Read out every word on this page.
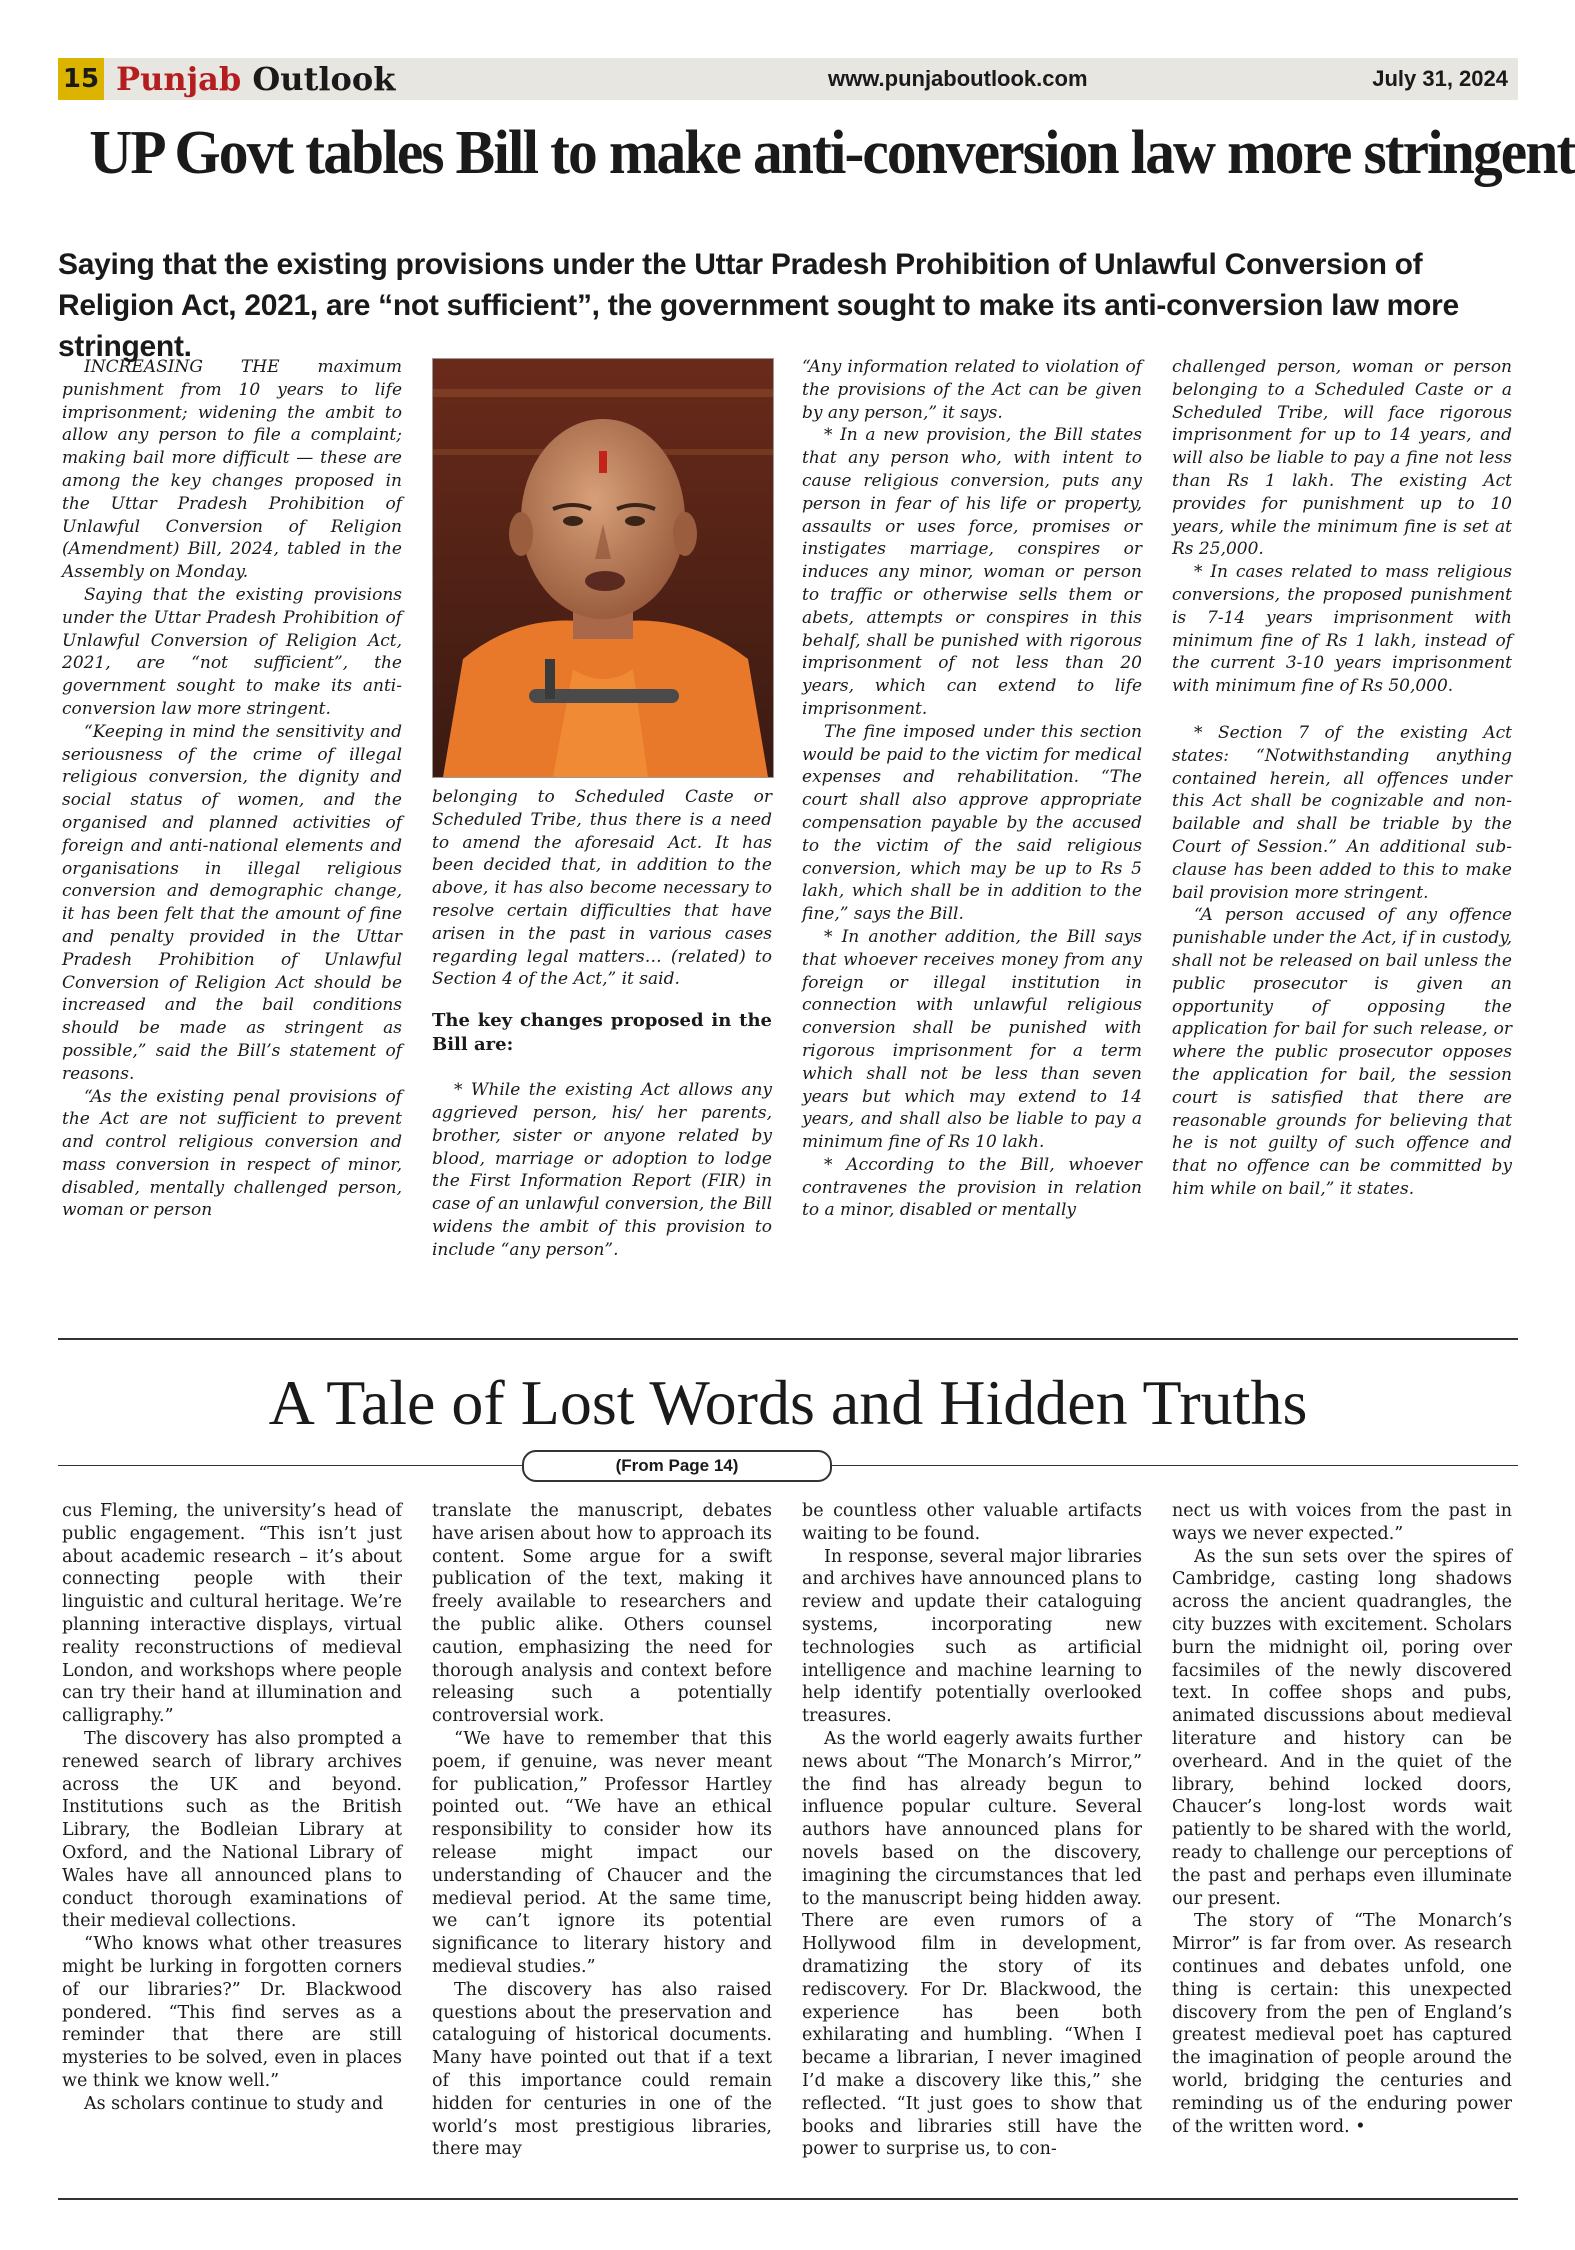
15 Punjab Outlook	www.punjaboutlook.com	July 31, 2024
UP Govt tables Bill to make anti-conversion law more stringent
Saying that the existing provisions under the Uttar Pradesh Prohibition of Unlawful Conversion of Religion Act, 2021, are “not sufficient”, the government sought to make its anti-conversion law more stringent.

INCREASING THE maximum punishment from 10 years to life imprisonment; widening the ambit to allow any person to file a complaint; making bail more difficult — these are among the key changes proposed in the Uttar Pradesh Prohibition of Unlawful Conversion of Religion (Amendment) Bill, 2024, tabled in the Assembly on Monday.

Saying that the existing provisions under the Uttar Pradesh Prohibition of Unlawful Conversion of Religion Act, 2021, are “not sufficient”, the government sought to make its anti-conversion law more stringent.

“Keeping in mind the sensitivity and seriousness of the crime of illegal religious conversion, the dignity and social status of women, and the organised and planned activities of foreign and anti-national elements and organisations in illegal religious conversion and demographic change, it has been felt that the amount of fine and penalty provided in the Uttar Pradesh Prohibition of Unlawful Conversion of Religion Act should be increased and the bail conditions should be made as stringent as possible,” said the Bill’s statement of reasons.

“As the existing penal provisions of the Act are not sufficient to prevent and control religious conversion and mass conversion in respect of minor, disabled, mentally challenged person, woman or person

belonging to Scheduled Caste or Scheduled Tribe, thus there is a need to amend the aforesaid Act. It has been decided that, in addition to the above, it has also become necessary to resolve certain difficulties that have arisen in the past in various cases regarding legal matters… (related) to Section 4 of the Act,” it said.

The key changes proposed in the Bill are:

* While the existing Act allows any aggrieved person, his/ her parents, brother, sister or anyone related by blood, marriage or adoption to lodge the First Information Report (FIR) in case of an unlawful conversion, the Bill widens the ambit of this provision to include “any person”.

“Any information related to violation of the provisions of the Act can be given by any person,” it says.

* In a new provision, the Bill states that any person who, with intent to cause religious conversion, puts any person in fear of his life or property, assaults or uses force, promises or instigates marriage, conspires or induces any minor, woman or person to traffic or otherwise sells them or abets, attempts or conspires in this behalf, shall be punished with rigorous imprisonment of not less than 20 years, which can extend to life imprisonment.

The fine imposed under this section would be paid to the victim for medical expenses and rehabilitation. “The court shall also approve appropriate compensation payable by the accused to the victim of the said religious conversion, which may be up to Rs 5 lakh, which shall be in addition to the fine,” says the Bill.

* In another addition, the Bill says that whoever receives money from any foreign or illegal institution in connection with unlawful religious conversion shall be punished with rigorous imprisonment for a term which shall not be less than seven years but which may extend to 14 years, and shall also be liable to pay a minimum fine of Rs 10 lakh.

* According to the Bill, whoever contravenes the provision in relation to a minor, disabled or mentally

challenged person, woman or person belonging to a Scheduled Caste or a Scheduled Tribe, will face rigorous imprisonment for up to 14 years, and will also be liable to pay a fine not less than Rs 1 lakh. The existing Act provides for punishment up to 10 years, while the minimum fine is set at Rs 25,000.

* In cases related to mass religious conversions, the proposed punishment is 7-14 years imprisonment with minimum fine of Rs 1 lakh, instead of the current 3-10 years imprisonment with minimum fine of Rs 50,000.

* Section 7 of the existing Act states: “Notwithstanding anything contained herein, all offences under this Act shall be cognizable and non-bailable and shall be triable by the Court of Session.” An additional sub-clause has been added to this to make bail provision more stringent.

“A person accused of any offence punishable under the Act, if in custody, shall not be released on bail unless the public prosecutor is given an opportunity of opposing the application for bail for such release, or where the public prosecutor opposes the application for bail, the session court is satisfied that there are reasonable grounds for believing that he is not guilty of such offence and that no offence can be committed by him while on bail,” it states.

A Tale of Lost Words and Hidden Truths
(From Page 14)

cus Fleming, the university’s head of public engagement. “This isn’t just about academic research – it’s about connecting people with their linguistic and cultural heritage. We’re planning interactive displays, virtual reality reconstructions of medieval London, and workshops where people can try their hand at illumination and calligraphy.”

The discovery has also prompted a renewed search of library archives across the UK and beyond. Institutions such as the British Library, the Bodleian Library at Oxford, and the National Library of Wales have all announced plans to conduct thorough examinations of their medieval collections.

“Who knows what other treasures might be lurking in forgotten corners of our libraries?” Dr. Blackwood pondered. “This find serves as a reminder that there are still mysteries to be solved, even in places we think we know well.”

As scholars continue to study and

translate the manuscript, debates have arisen about how to approach its content. Some argue for a swift publication of the text, making it freely available to researchers and the public alike. Others counsel caution, emphasizing the need for thorough analysis and context before releasing such a potentially controversial work.

“We have to remember that this poem, if genuine, was never meant for publication,” Professor Hartley pointed out. “We have an ethical responsibility to consider how its release might impact our understanding of Chaucer and the medieval period. At the same time, we can’t ignore its potential significance to literary history and medieval studies.”

The discovery has also raised questions about the preservation and cataloguing of historical documents. Many have pointed out that if a text of this importance could remain hidden for centuries in one of the world’s most prestigious libraries, there may

be countless other valuable artifacts waiting to be found.

In response, several major libraries and archives have announced plans to review and update their cataloguing systems, incorporating new technologies such as artificial intelligence and machine learning to help identify potentially overlooked treasures.

As the world eagerly awaits further news about “The Monarch’s Mirror,” the find has already begun to influence popular culture. Several authors have announced plans for novels based on the discovery, imagining the circumstances that led to the manuscript being hidden away. There are even rumors of a Hollywood film in development, dramatizing the story of its rediscovery. For Dr. Blackwood, the experience has been both exhilarating and humbling. “When I became a librarian, I never imagined I’d make a discovery like this,” she reflected. “It just goes to show that books and libraries still have the power to surprise us, to con-

nect us with voices from the past in ways we never expected.”

As the sun sets over the spires of Cambridge, casting long shadows across the ancient quadrangles, the city buzzes with excitement. Scholars burn the midnight oil, poring over facsimiles of the newly discovered text. In coffee shops and pubs, animated discussions about medieval literature and history can be overheard. And in the quiet of the library, behind locked doors, Chaucer’s long-lost words wait patiently to be shared with the world, ready to challenge our perceptions of the past and perhaps even illuminate our present.

The story of “The Monarch’s Mirror” is far from over. As research continues and debates unfold, one thing is certain: this unexpected discovery from the pen of England’s greatest medieval poet has captured the imagination of people around the world, bridging the centuries and reminding us of the enduring power of the written word. •
